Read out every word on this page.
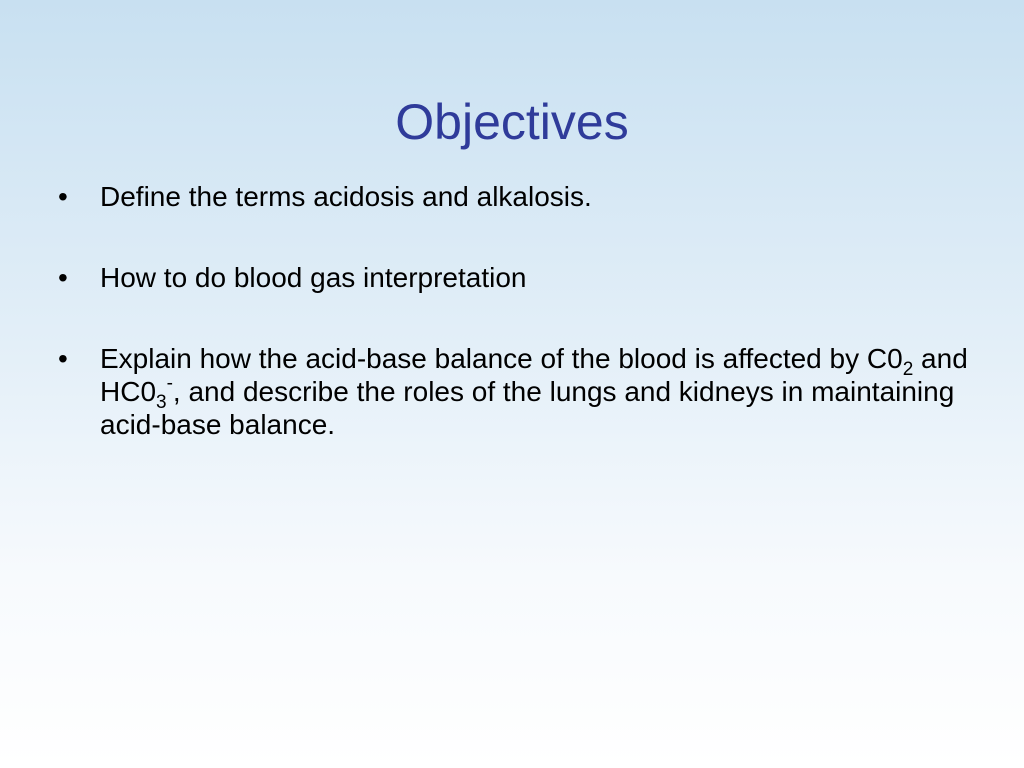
Objectives
•	Define the terms acidosis and alkalosis.
•	How to do blood gas interpretation
•	Explain how the acid-base balance of the blood is affected by $C0_2$ and $HC0_3^-$, and describe the roles of the lungs and kidneys in maintaining acid-base balance.
